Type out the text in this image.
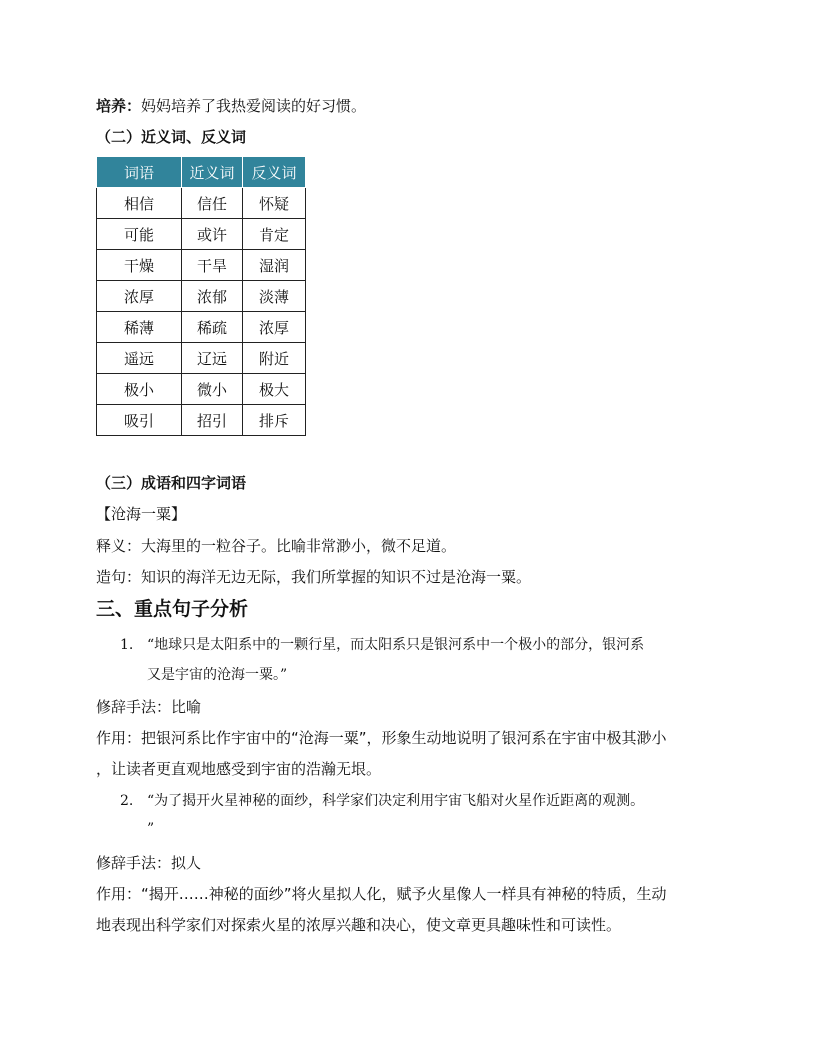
培养：妈妈培养了我热爱阅读的好习惯。
（二）近义词、反义词
词语	近义词	反义词
相信	信任	怀疑
可能	或许	肯定
干燥	干旱	湿润
浓厚	浓郁	淡薄
稀薄	稀疏	浓厚
遥远	辽远	附近
极小	微小	极大
吸引	招引	排斥
（三）成语和四字词语
【沧海一粟】
释义：大海里的一粒谷子。比喻非常渺小，微不足道。
造句：知识的海洋无边无际，我们所掌握的知识不过是沧海一粟。
三、重点句子分析
1. “地球只是太阳系中的一颗行星，而太阳系只是银河系中一个极小的部分，银河系
又是宇宙的沧海一粟。”
修辞手法：比喻
作用：把银河系比作宇宙中的“沧海一粟”，形象生动地说明了银河系在宇宙中极其渺小
，让读者更直观地感受到宇宙的浩瀚无垠。
2. “为了揭开火星神秘的面纱，科学家们决定利用宇宙飞船对火星作近距离的观测。
”
修辞手法：拟人
作用：“揭开……神秘的面纱”将火星拟人化，赋予火星像人一样具有神秘的特质，生动
地表现出科学家们对探索火星的浓厚兴趣和决心，使文章更具趣味性和可读性。
